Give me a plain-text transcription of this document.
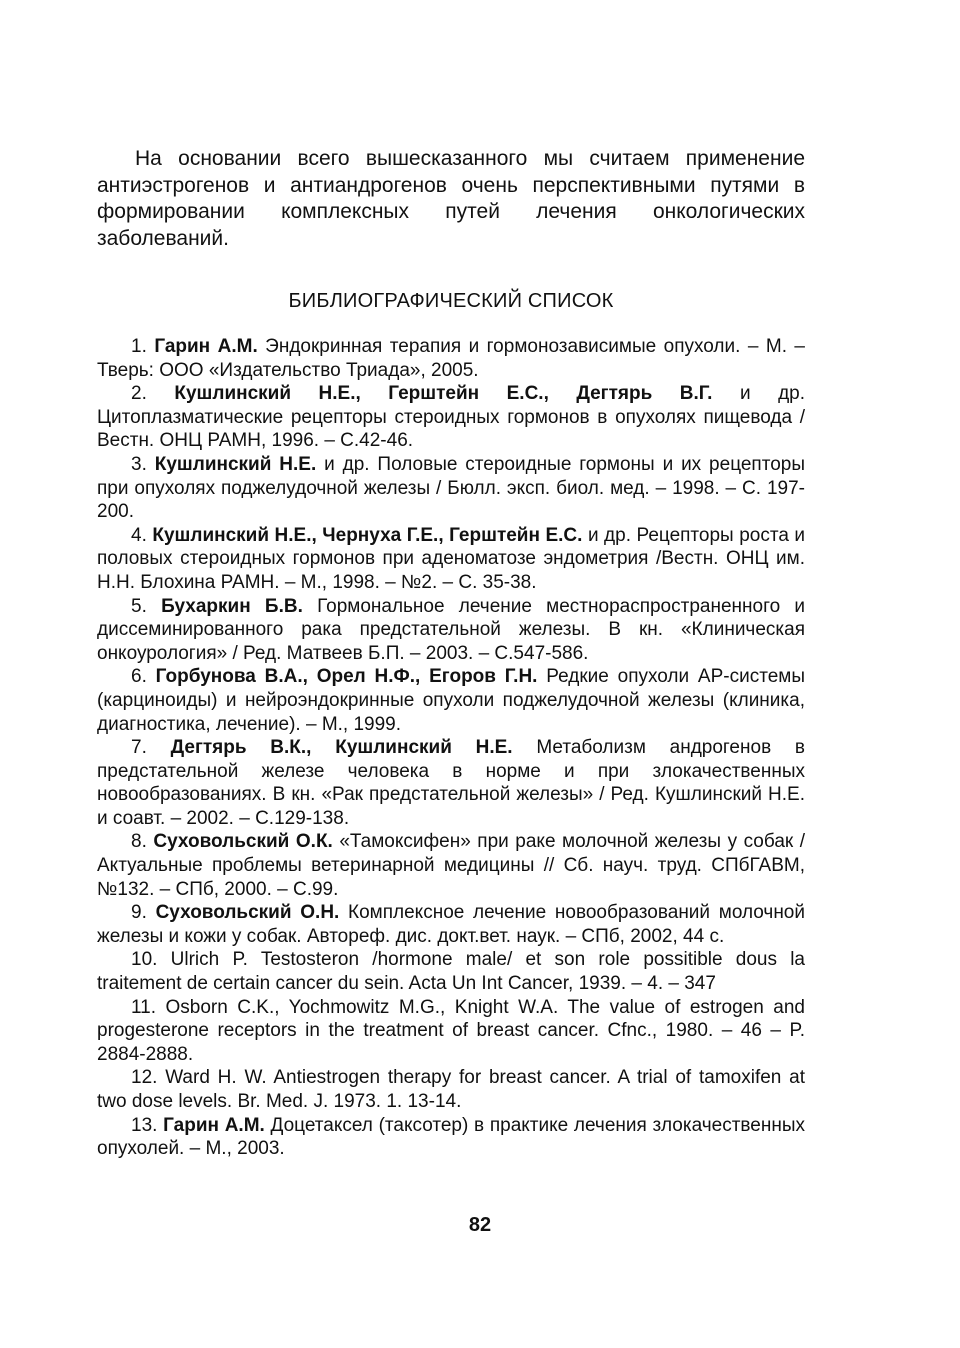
На основании всего вышесказанного мы считаем применение антиэстрогенов и антиандрогенов очень перспективными путями в формировании комплексных путей лечения онкологических заболеваний.

БИБЛИОГРАФИЧЕСКИЙ СПИСОК
1. Гарин А.М. Эндокринная терапия и гормонозависимые опухоли. – М. – Тверь: ООО «Издательство Триада», 2005.
2. Кушлинский Н.Е., Герштейн Е.С., Дегтярь В.Г. и др. Цитоплазматические рецепторы стероидных гормонов в опухолях пищевода /Вестн. ОНЦ РАМН, 1996. – С.42-46.
3. Кушлинский Н.Е. и др. Половые стероидные гормоны и их рецепторы при опухолях поджелудочной железы / Бюлл. эксп. биол. мед. – 1998. – С. 197-200.
4. Кушлинский Н.Е., Чернуха Г.Е., Герштейн Е.С. и др. Рецепторы роста и половых стероидных гормонов при аденоматозе эндометрия /Вестн. ОНЦ им. Н.Н. Блохина РАМН. – М., 1998. – №2. – С. 35-38.
5. Бухаркин Б.В. Гормональное лечение местнораспространенного и диссеминированного рака предстательной железы. В кн. «Клиническая онкоурология» / Ред. Матвеев Б.П. – 2003. – С.547-586.
6. Горбунова В.А., Орел Н.Ф., Егоров Г.Н. Редкие опухоли АР-системы (карциноиды) и нейроэндокринные опухоли поджелудочной железы (клиника, диагностика, лечение). – М., 1999.
7. Дегтярь В.К., Кушлинский Н.Е. Метаболизм андрогенов в предстательной железе человека в норме и при злокачественных новообразованиях. В кн. «Рак предстательной железы» / Ред. Кушлинский Н.Е. и соавт. – 2002. – С.129-138.
8. Суховольский О.К. «Тамоксифен» при раке молочной железы у собак /Актуальные проблемы ветеринарной медицины // Сб. науч. труд. СПбГАВМ, №132. – СПб, 2000. – С.99.
9. Суховольский О.Н. Комплексное лечение новообразований молочной железы и кожи у собак. Автореф. дис. докт.вет. наук. – СПб, 2002, 44 с.
10. Ulrich P. Testosteron /hormone male/ et son role possitible dous la traitement de certain cancer du sein. Acta Un Int Cancer, 1939. – 4. – 347
11. Osborn C.K., Yochmowitz M.G., Knight W.A. The value of estrogen and progesterone receptors in the treatment of breast cancer. Cfnc., 1980. – 46 – P. 2884-2888.
12. Ward H. W. Antiestrogen therapy for breast cancer. A trial of tamoxifen at two dose levels. Br. Med. J. 1973. 1. 13-14.
13. Гарин А.М. Доцетаксел (таксотер) в практике лечения злокачественных опухолей. – М., 2003.
82
